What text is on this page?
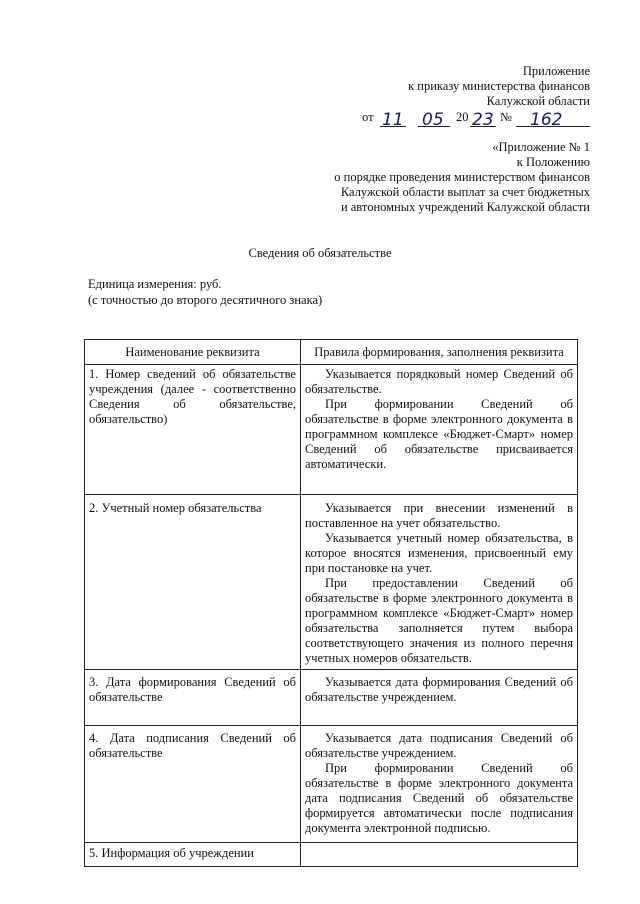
Приложение
к приказу министерства финансов
Калужской области
от 11 05 20 23 № 162
«Приложение № 1
к Положению
о порядке проведения министерством финансов
Калужской области выплат за счет бюджетных
и автономных учреждений Калужской области
Сведения об обязательстве
Единица измерения: руб.
(с точностью до второго десятичного знака)
Наименование реквизита	Правила формирования, заполнения реквизита
1. Номер сведений об обязательстве учреждения (далее - соответственно Сведения об обязательстве, обязательство)	Указывается порядковый номер Сведений об обязательстве.

При формировании Сведений об обязательстве в форме электронного документа в программном комплексе «Бюджет-Смарт» номер Сведений об обязательстве присваивается автоматически.

2. Учетный номер обязательства	Указывается при внесении изменений в поставленное на учет обязательство.

Указывается учетный номер обязательства, в которое вносятся изменения, присвоенный ему при постановке на учет.

При предоставлении Сведений об обязательстве в форме электронного документа в программном комплексе «Бюджет-Смарт» номер обязательства заполняется путем выбора соответствующего значения из полного перечня учетных номеров обязательств.

3. Дата формирования Сведений об обязательстве	Указывается дата формирования Сведений об обязательстве учреждением.

4. Дата подписания Сведений об обязательстве	Указывается дата подписания Сведений об обязательстве учреждением.

При формировании Сведений об обязательстве в форме электронного документа дата подписания Сведений об обязательстве формируется автоматически после подписания документа электронной подписью.

5. Информация об учреждении	
